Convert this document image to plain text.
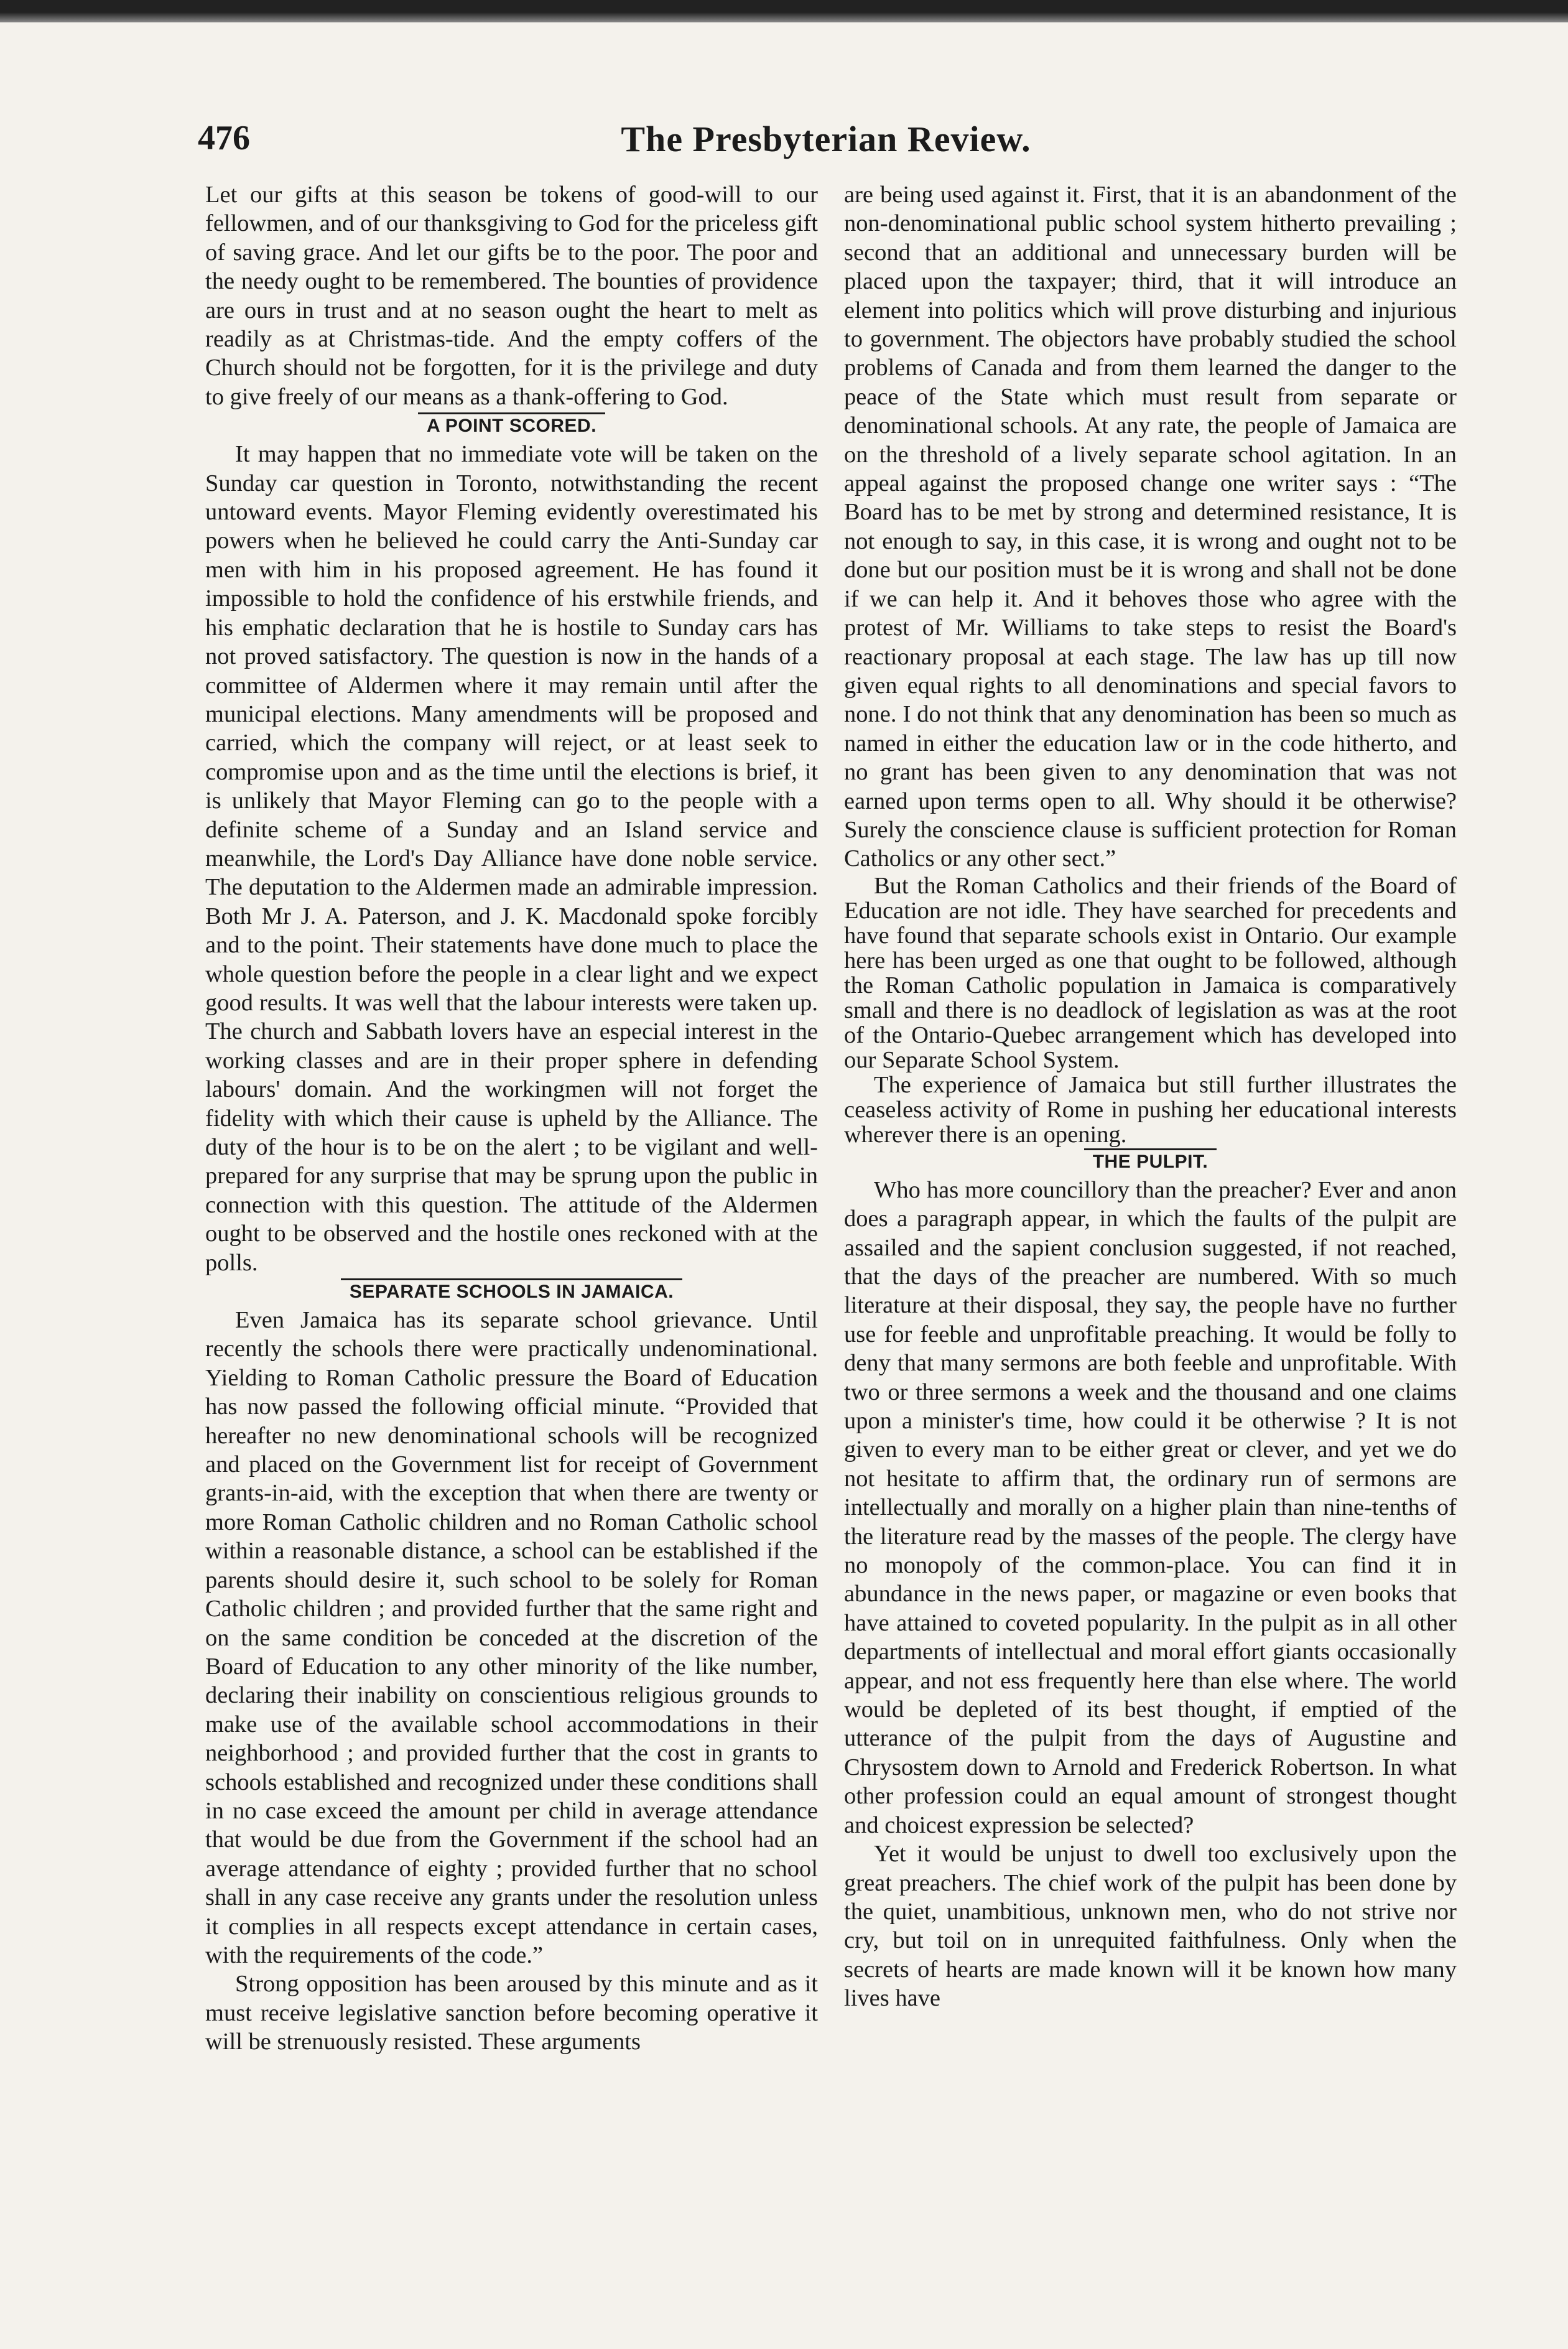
476	The Presbyterian Review.

Let our gifts at this season be tokens of good-will to our fellowmen, and of our thanksgiving to God for the priceless gift of saving grace. And let our gifts be to the poor. The poor and the needy ought to be remembered. The bounties of providence are ours in trust and at no season ought the heart to melt as readily as at Christmas-tide. And the empty coffers of the Church should not be forgotten, for it is the privilege and duty to give freely of our means as a thank-offering to God.

A POINT SCORED.

It may happen that no immediate vote will be taken on the Sunday car question in Toronto, notwithstanding the recent untoward events. Mayor Fleming evidently overestimated his powers when he believed he could carry the Anti-Sunday car men with him in his proposed agreement. He has found it impossible to hold the confidence of his erstwhile friends, and his emphatic declaration that he is hostile to Sunday cars has not proved satisfactory. The question is now in the hands of a committee of Aldermen where it may remain until after the municipal elections. Many amendments will be proposed and carried, which the company will reject, or at least seek to compromise upon and as the time until the elections is brief, it is unlikely that Mayor Fleming can go to the people with a definite scheme of a Sunday and an Island service and meanwhile, the Lord's Day Alliance have done noble service. The deputation to the Aldermen made an admirable impression. Both Mr J. A. Paterson, and J. K. Macdonald spoke forcibly and to the point. Their statements have done much to place the whole question before the people in a clear light and we expect good results. It was well that the labour interests were taken up. The church and Sabbath lovers have an especial interest in the working classes and are in their proper sphere in defending labours' domain. And the workingmen will not forget the fidelity with which their cause is upheld by the Alliance. The duty of the hour is to be on the alert ; to be vigilant and well-prepared for any surprise that may be sprung upon the public in connection with this question. The attitude of the Aldermen ought to be observed and the hostile ones reckoned with at the polls.

SEPARATE SCHOOLS IN JAMAICA.

Even Jamaica has its separate school grievance. Until recently the schools there were practically undenominational. Yielding to Roman Catholic pressure the Board of Education has now passed the following official minute. “Provided that hereafter no new denominational schools will be recognized and placed on the Government list for receipt of Government grants-in-aid, with the exception that when there are twenty or more Roman Catholic children and no Roman Catholic school within a reasonable distance, a school can be established if the parents should desire it, such school to be solely for Roman Catholic children ; and provided further that the same right and on the same condition be conceded at the discretion of the Board of Education to any other minority of the like number, declaring their inability on conscientious religious grounds to make use of the available school accommodations in their neighborhood ; and provided further that the cost in grants to schools established and recognized under these conditions shall in no case exceed the amount per child in average attendance that would be due from the Government if the school had an average attendance of eighty ; provided further that no school shall in any case receive any grants under the resolution unless it complies in all respects except attendance in certain cases, with the requirements of the code.”

Strong opposition has been aroused by this minute and as it must receive legislative sanction before becoming operative it will be strenuously resisted. These arguments

are being used against it. First, that it is an abandonment of the non-denominational public school system hitherto prevailing ; second that an additional and unnecessary burden will be placed upon the taxpayer; third, that it will introduce an element into politics which will prove disturbing and injurious to government. The objectors have probably studied the school problems of Canada and from them learned the danger to the peace of the State which must result from separate or denominational schools. At any rate, the people of Jamaica are on the threshold of a lively separate school agitation. In an appeal against the proposed change one writer says : “The Board has to be met by strong and determined resistance, It is not enough to say, in this case, it is wrong and ought not to be done but our position must be it is wrong and shall not be done if we can help it. And it behoves those who agree with the protest of Mr. Williams to take steps to resist the Board's reactionary proposal at each stage. The law has up till now given equal rights to all denominations and special favors to none. I do not think that any denomination has been so much as named in either the education law or in the code hitherto, and no grant has been given to any denomination that was not earned upon terms open to all. Why should it be otherwise? Surely the conscience clause is sufficient protection for Roman Catholics or any other sect.”

But the Roman Catholics and their friends of the Board of Education are not idle. They have searched for precedents and have found that separate schools exist in Ontario. Our example here has been urged as one that ought to be followed, although the Roman Catholic population in Jamaica is comparatively small and there is no deadlock of legislation as was at the root of the Ontario-Quebec arrangement which has developed into our Separate School System.

The experience of Jamaica but still further illustrates the ceaseless activity of Rome in pushing her educational interests wherever there is an opening.

THE PULPIT.

Who has more councillory than the preacher? Ever and anon does a paragraph appear, in which the faults of the pulpit are assailed and the sapient conclusion suggested, if not reached, that the days of the preacher are numbered. With so much literature at their disposal, they say, the people have no further use for feeble and unprofitable preaching. It would be folly to deny that many sermons are both feeble and unprofitable. With two or three sermons a week and the thousand and one claims upon a minister's time, how could it be otherwise ? It is not given to every man to be either great or clever, and yet we do not hesitate to affirm that, the ordinary run of sermons are intellectually and morally on a higher plain than nine-tenths of the literature read by the masses of the people. The clergy have no monopoly of the common-place. You can find it in abundance in the news paper, or magazine or even books that have attained to coveted popularity. In the pulpit as in all other departments of intellectual and moral effort giants occasionally appear, and not ess frequently here than else where. The world would be depleted of its best thought, if emptied of the utterance of the pulpit from the days of Augustine and Chrysostem down to Arnold and Frederick Robertson. In what other profession could an equal amount of strongest thought and choicest expression be selected?

Yet it would be unjust to dwell too exclusively upon the great preachers. The chief work of the pulpit has been done by the quiet, unambitious, unknown men, who do not strive nor cry, but toil on in unrequited faithfulness. Only when the secrets of hearts are made known will it be known how many lives have
